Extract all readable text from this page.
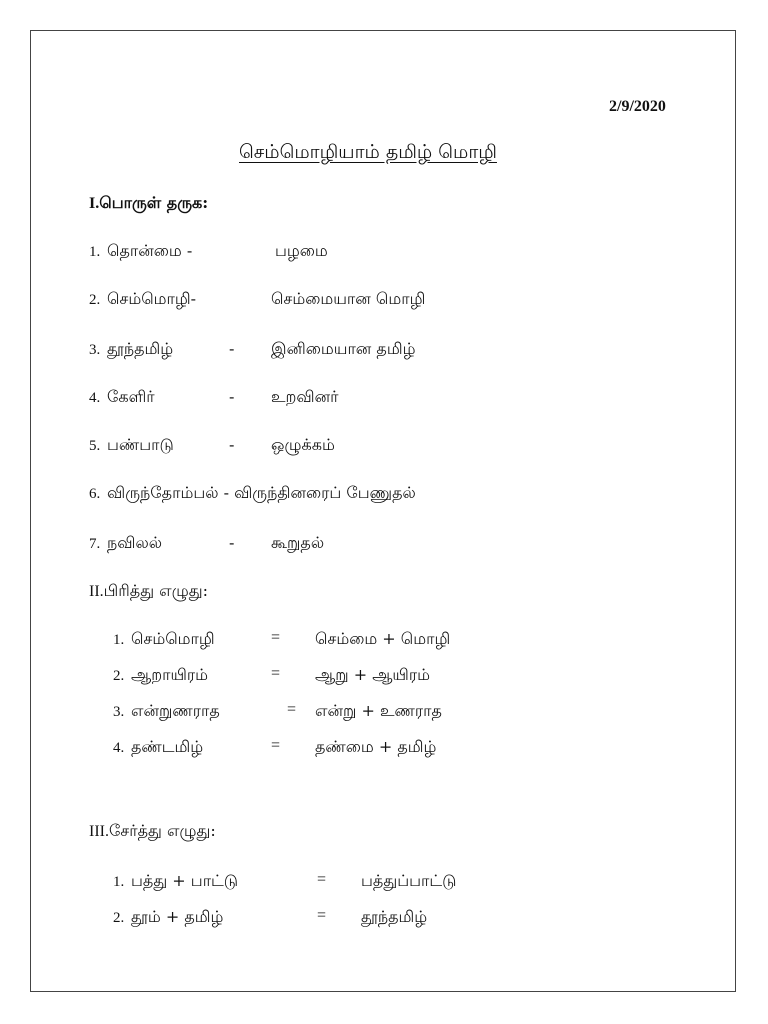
2/9/2020
செம்மொழியாம் தமிழ் மொழி
I.பொருள் தருக:
1. தொன்மை -	பழமை
2. செம்மொழி-	செம்மையான மொழி
3. தூந்தமிழ்	- இனிமையான தமிழ்
4. கேளிர்	- உறவினர்
5. பண்பாடு	- ஒழுக்கம்
6. விருந்தோம்பல் - விருந்தினரைப் பேணுதல்
7. நவிலல்	- கூறுதல்
II.பிரித்து எழுது:
1. செம்மொழி	= செம்மை + மொழி
2. ஆறாயிரம்	= ஆறு + ஆயிரம்
3. என்றுணராத	= என்று + உணராத
4. தண்டமிழ்	= தண்மை + தமிழ்
III.சேர்த்து எழுது:
1. பத்து + பாட்டு	= பத்துப்பாட்டு
2. தூம் + தமிழ்	= தூந்தமிழ்
